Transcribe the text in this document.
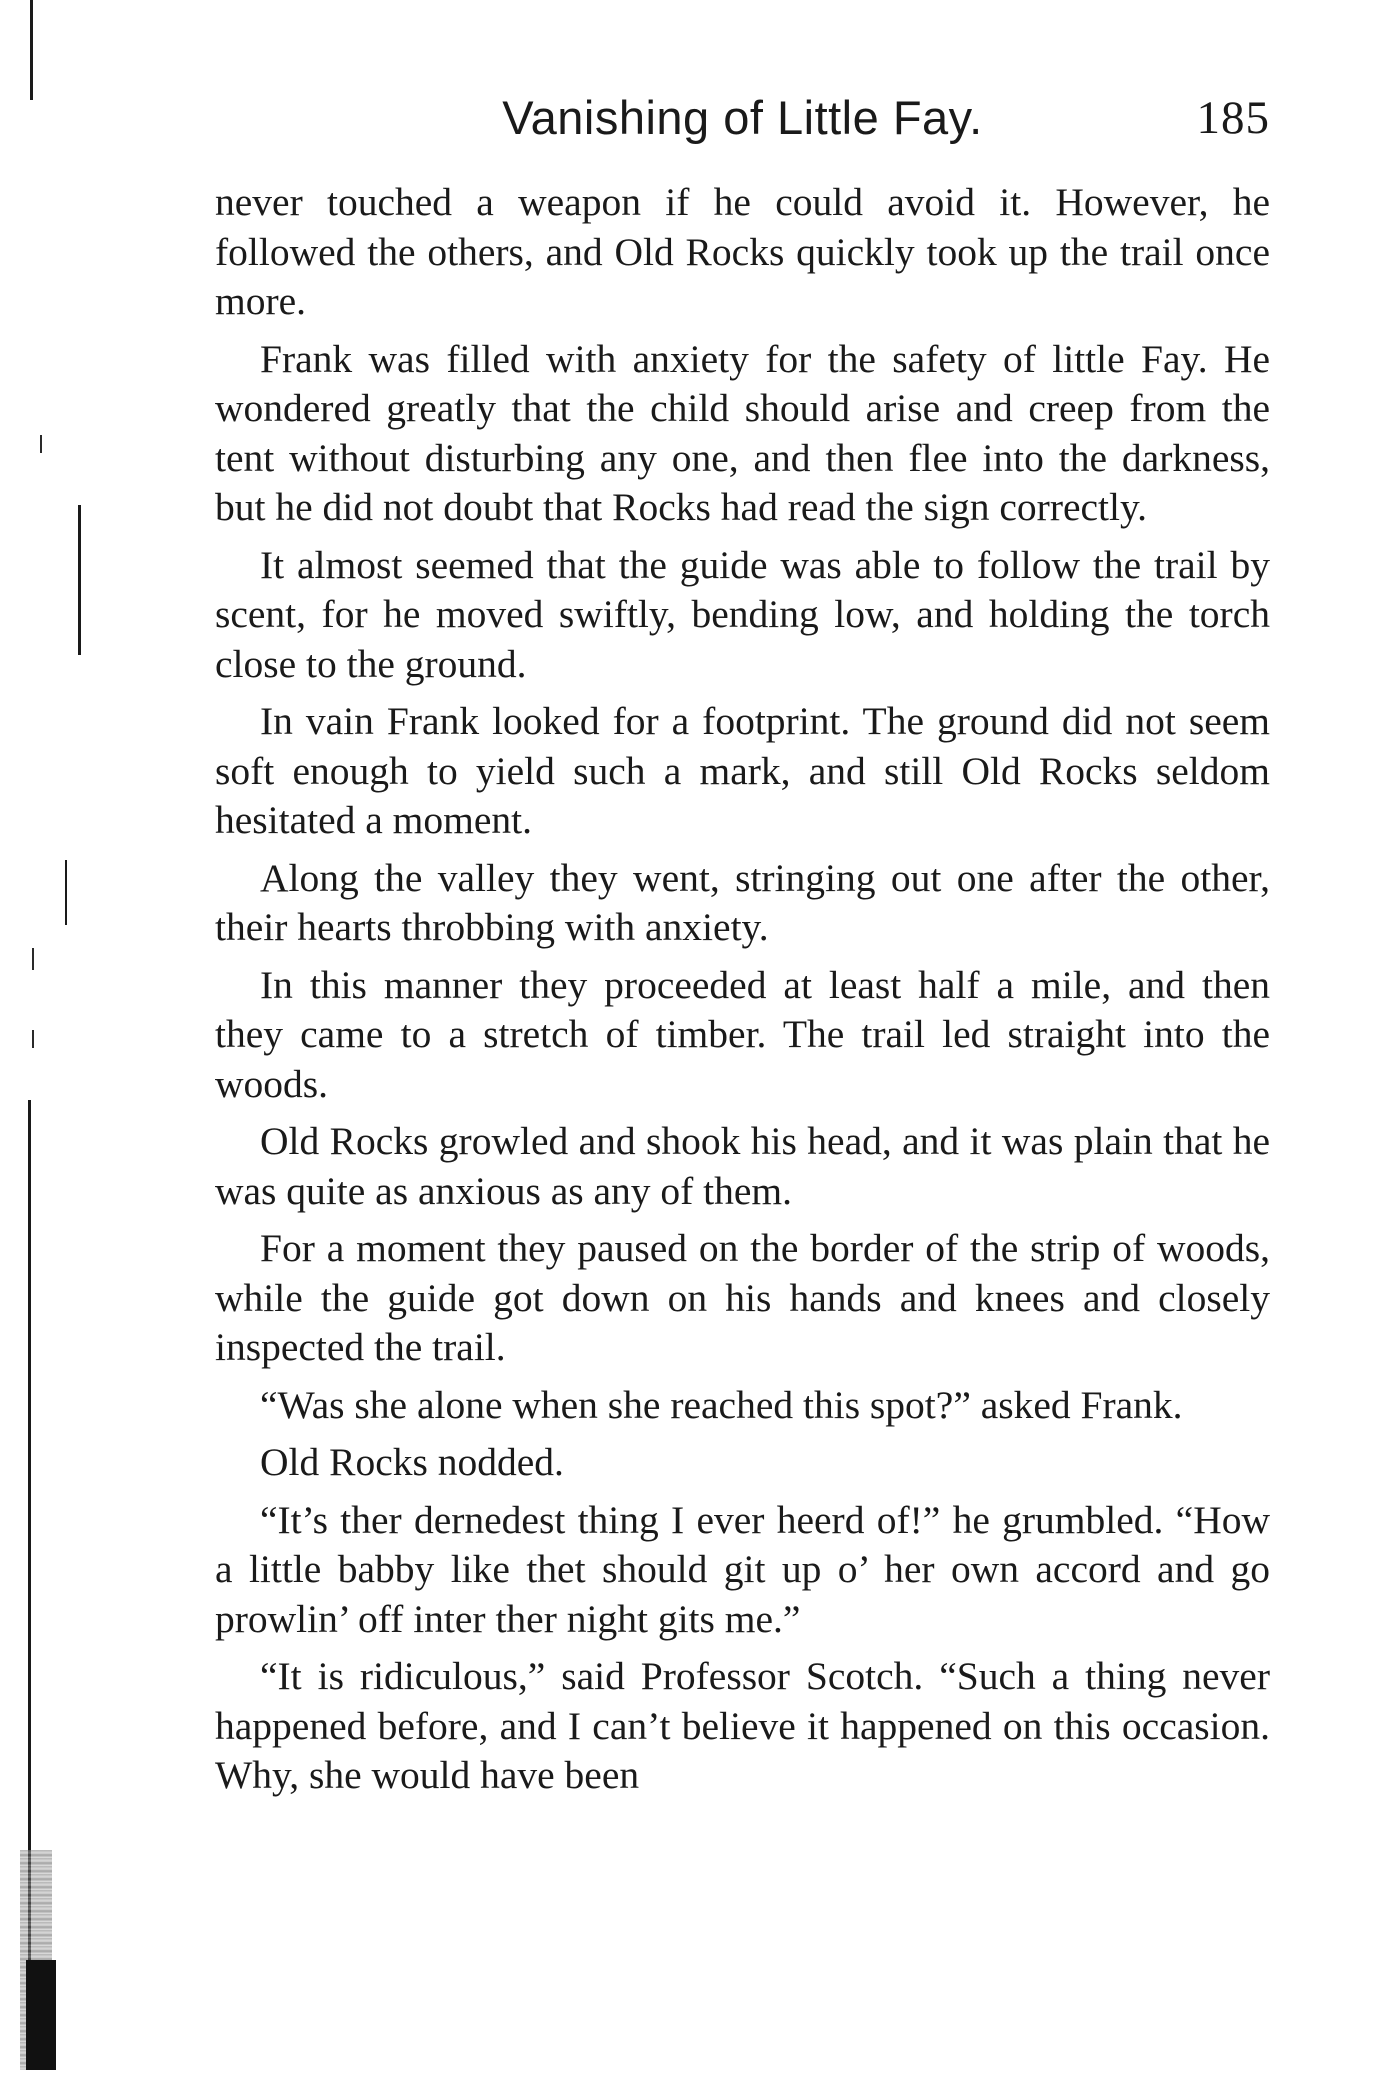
Vanishing of Little Fay.	185

never touched a weapon if he could avoid it. However, he followed the others, and Old Rocks quickly took up the trail once more.

Frank was filled with anxiety for the safety of little Fay. He wondered greatly that the child should arise and creep from the tent without disturbing any one, and then flee into the darkness, but he did not doubt that Rocks had read the sign correctly.

It almost seemed that the guide was able to follow the trail by scent, for he moved swiftly, bending low, and holding the torch close to the ground.

In vain Frank looked for a footprint. The ground did not seem soft enough to yield such a mark, and still Old Rocks seldom hesitated a moment.

Along the valley they went, stringing out one after the other, their hearts throbbing with anxiety.

In this manner they proceeded at least half a mile, and then they came to a stretch of timber. The trail led straight into the woods.

Old Rocks growled and shook his head, and it was plain that he was quite as anxious as any of them.

For a moment they paused on the border of the strip of woods, while the guide got down on his hands and knees and closely inspected the trail.

“Was she alone when she reached this spot?” asked Frank.

Old Rocks nodded.

“It’s ther dernedest thing I ever heerd of!” he grumbled. “How a little babby like thet should git up o’ her own accord and go prowlin’ off inter ther night gits me.”

“It is ridiculous,” said Professor Scotch. “Such a thing never happened before, and I can’t believe it happened on this occasion. Why, she would have been
